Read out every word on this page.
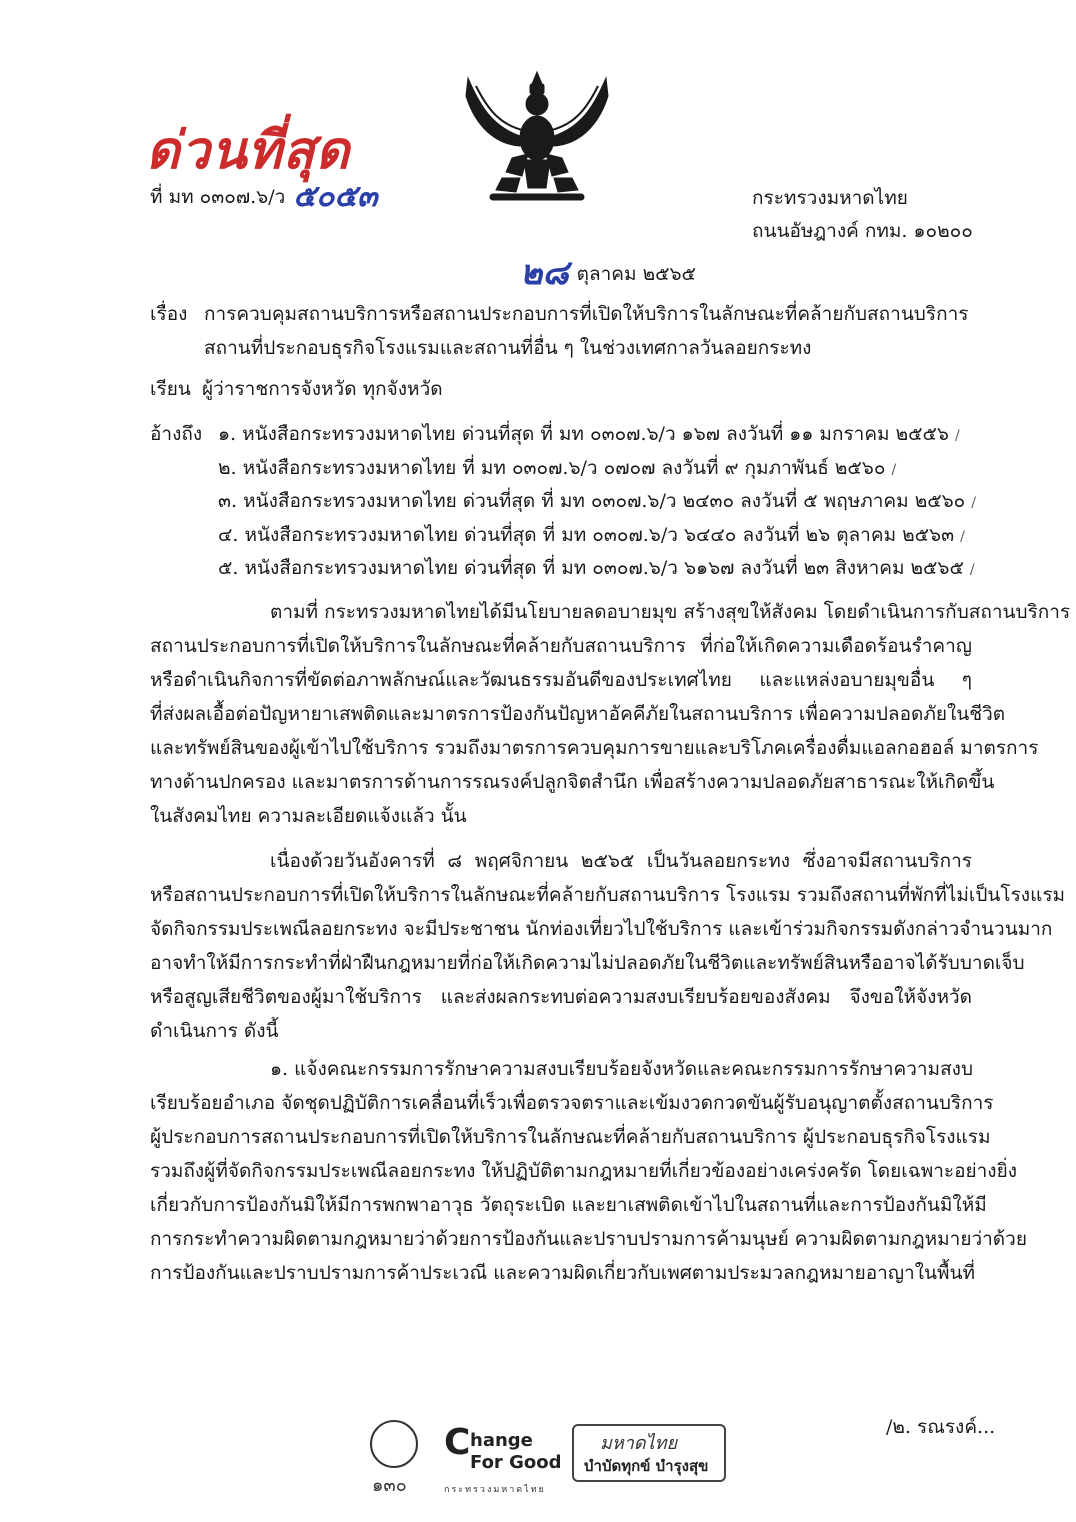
ด่วนที่สุด
ที่ มท ๐๓๐๗.๖/ว ๕๐๕๓	กระทรวงมหาดไทย
ถนนอัษฎางค์ กทม. ๑๐๒๐๐
๒๘ ตุลาคม ๒๕๖๕
เรื่อง การควบคุมสถานบริการหรือสถานประกอบการที่เปิดให้บริการในลักษณะที่คล้ายกับสถานบริการ
สถานที่ประกอบธุรกิจโรงแรมและสถานที่อื่น ๆ ในช่วงเทศกาลวันลอยกระทง
เรียน ผู้ว่าราชการจังหวัด ทุกจังหวัด
อ้างถึง ๑. หนังสือกระทรวงมหาดไทย ด่วนที่สุด ที่ มท ๐๓๐๗.๖/ว ๑๖๗ ลงวันที่ ๑๑ มกราคม ๒๕๕๖ /
๒. หนังสือกระทรวงมหาดไทย ที่ มท ๐๓๐๗.๖/ว ๐๗๐๗ ลงวันที่ ๙ กุมภาพันธ์ ๒๕๖๐ /
๓. หนังสือกระทรวงมหาดไทย ด่วนที่สุด ที่ มท ๐๓๐๗.๖/ว ๒๔๓๐ ลงวันที่ ๕ พฤษภาคม ๒๕๖๐ /
๔. หนังสือกระทรวงมหาดไทย ด่วนที่สุด ที่ มท ๐๓๐๗.๖/ว ๖๔๔๐ ลงวันที่ ๒๖ ตุลาคม ๒๕๖๓ /
๕. หนังสือกระทรวงมหาดไทย ด่วนที่สุด ที่ มท ๐๓๐๗.๖/ว ๖๑๖๗ ลงวันที่ ๒๓ สิงหาคม ๒๕๖๕ /
ตามที่ กระทรวงมหาดไทยได้มีนโยบายลดอบายมุข สร้างสุขให้สังคม โดยดำเนินการกับสถานบริการ
สถานประกอบการที่เปิดให้บริการในลักษณะที่คล้ายกับสถานบริการ ที่ก่อให้เกิดความเดือดร้อนรำคาญ
หรือดำเนินกิจการที่ขัดต่อภาพลักษณ์และวัฒนธรรมอันดีของประเทศไทย และแหล่งอบายมุขอื่น ๆ
ที่ส่งผลเอื้อต่อปัญหายาเสพติดและมาตรการป้องกันปัญหาอัคคีภัยในสถานบริการ เพื่อความปลอดภัยในชีวิต
และทรัพย์สินของผู้เข้าไปใช้บริการ รวมถึงมาตรการควบคุมการขายและบริโภคเครื่องดื่มแอลกอฮอล์ มาตรการ
ทางด้านปกครอง และมาตรการด้านการรณรงค์ปลูกจิตสำนึก เพื่อสร้างความปลอดภัยสาธารณะให้เกิดขึ้น
ในสังคมไทย ความละเอียดแจ้งแล้ว นั้น
เนื่องด้วยวันอังคารที่ ๘ พฤศจิกายน ๒๕๖๕ เป็นวันลอยกระทง ซึ่งอาจมีสถานบริการ
หรือสถานประกอบการที่เปิดให้บริการในลักษณะที่คล้ายกับสถานบริการ โรงแรม รวมถึงสถานที่พักที่ไม่เป็นโรงแรม
จัดกิจกรรมประเพณีลอยกระทง จะมีประชาชน นักท่องเที่ยวไปใช้บริการ และเข้าร่วมกิจกรรมดังกล่าวจำนวนมาก
อาจทำให้มีการกระทำที่ฝ่าฝืนกฎหมายที่ก่อให้เกิดความไม่ปลอดภัยในชีวิตและทรัพย์สินหรืออาจได้รับบาดเจ็บ
หรือสูญเสียชีวิตของผู้มาใช้บริการ และส่งผลกระทบต่อความสงบเรียบร้อยของสังคม จึงขอให้จังหวัด
ดำเนินการ ดังนี้
๑. แจ้งคณะกรรมการรักษาความสงบเรียบร้อยจังหวัดและคณะกรรมการรักษาความสงบ
เรียบร้อยอำเภอ จัดชุดปฏิบัติการเคลื่อนที่เร็วเพื่อตรวจตราและเข้มงวดกวดขันผู้รับอนุญาตตั้งสถานบริการ
ผู้ประกอบการสถานประกอบการที่เปิดให้บริการในลักษณะที่คล้ายกับสถานบริการ ผู้ประกอบธุรกิจโรงแรม
รวมถึงผู้ที่จัดกิจกรรมประเพณีลอยกระทง ให้ปฏิบัติตามกฎหมายที่เกี่ยวข้องอย่างเคร่งครัด โดยเฉพาะอย่างยิ่ง
เกี่ยวกับการป้องกันมิให้มีการพกพาอาวุธ วัตถุระเบิด และยาเสพติดเข้าไปในสถานที่และการป้องกันมิให้มี
การกระทำความผิดตามกฎหมายว่าด้วยการป้องกันและปราบปรามการค้ามนุษย์ ความผิดตามกฎหมายว่าด้วย
การป้องกันและปราบปรามการค้าประเวณี และความผิดเกี่ยวกับเพศตามประมวลกฎหมายอาญาในพื้นที่
/๒. รณรงค์...
๑๓๐
C hange
For Good
กระทรวงมหาดไทย
มหาดไทย
บำบัดทุกข์ บำรุงสุข
